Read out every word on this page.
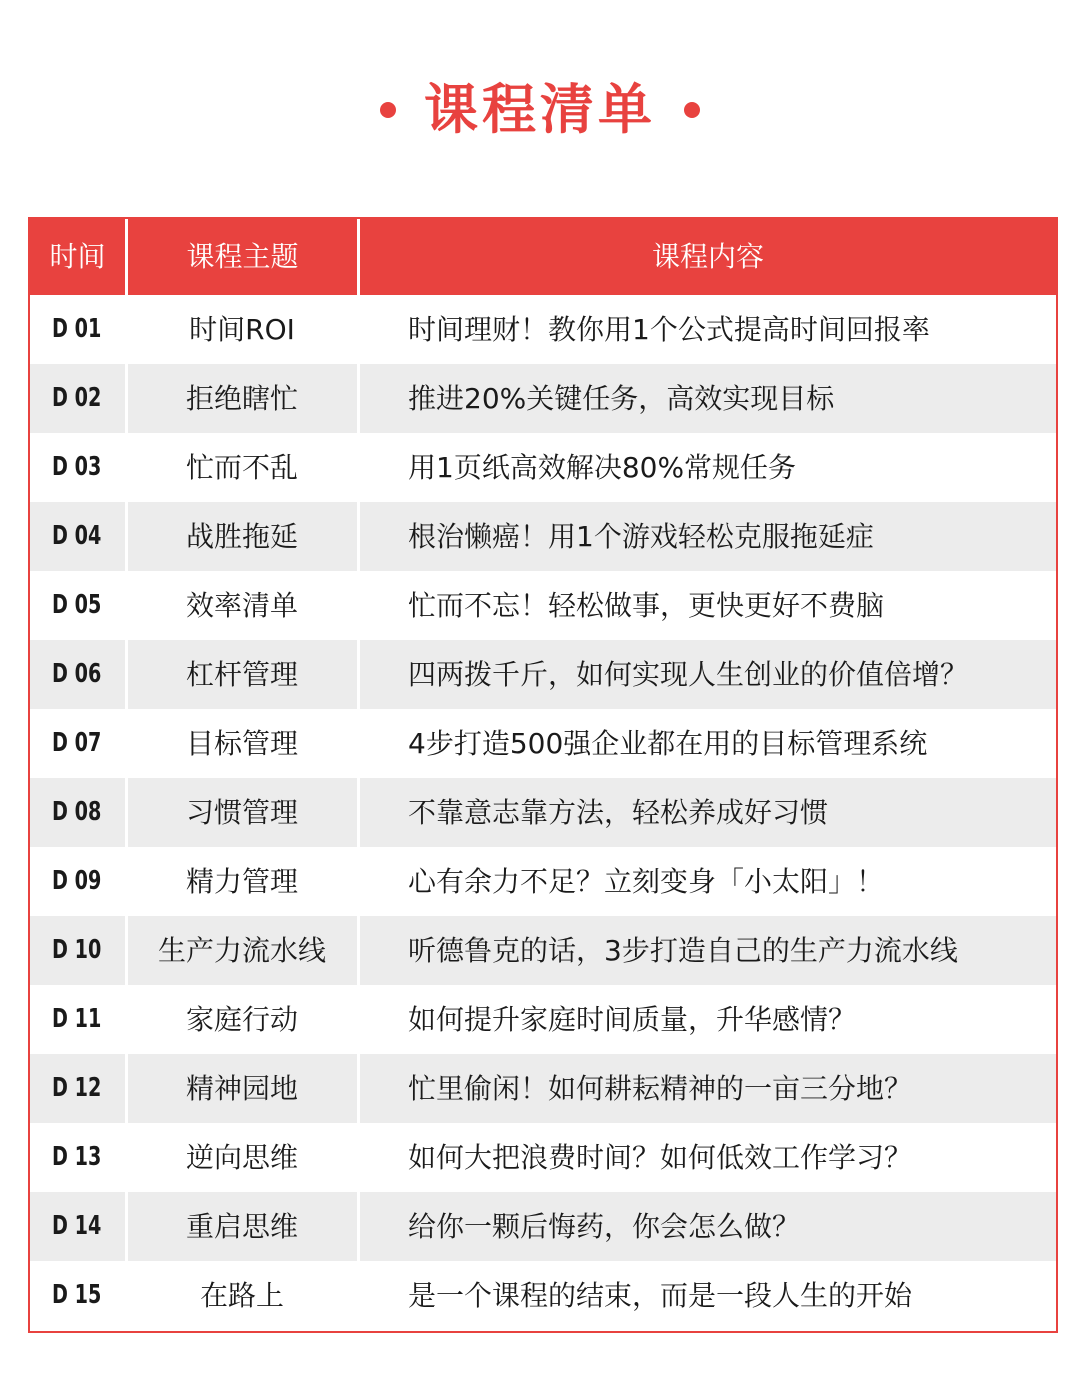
课程清单
时间	课程主题	课程内容
D 01	时间ROI	时间理财！教你用1个公式提高时间回报率
D 02	拒绝瞎忙	推进20%关键任务，高效实现目标
D 03	忙而不乱	用1页纸高效解决80%常规任务
D 04	战胜拖延	根治懒癌！用1个游戏轻松克服拖延症
D 05	效率清单	忙而不忘！轻松做事，更快更好不费脑
D 06	杠杆管理	四两拨千斤，如何实现人生创业的价值倍增？
D 07	目标管理	4步打造500强企业都在用的目标管理系统
D 08	习惯管理	不靠意志靠方法，轻松养成好习惯
D 09	精力管理	心有余力不足？立刻变身「小太阳」！
D 10	生产力流水线	听德鲁克的话，3步打造自己的生产力流水线
D 11	家庭行动	如何提升家庭时间质量，升华感情？
D 12	精神园地	忙里偷闲！如何耕耘精神的一亩三分地？
D 13	逆向思维	如何大把浪费时间？如何低效工作学习？
D 14	重启思维	给你一颗后悔药，你会怎么做？
D 15	在路上	是一个课程的结束，而是一段人生的开始
